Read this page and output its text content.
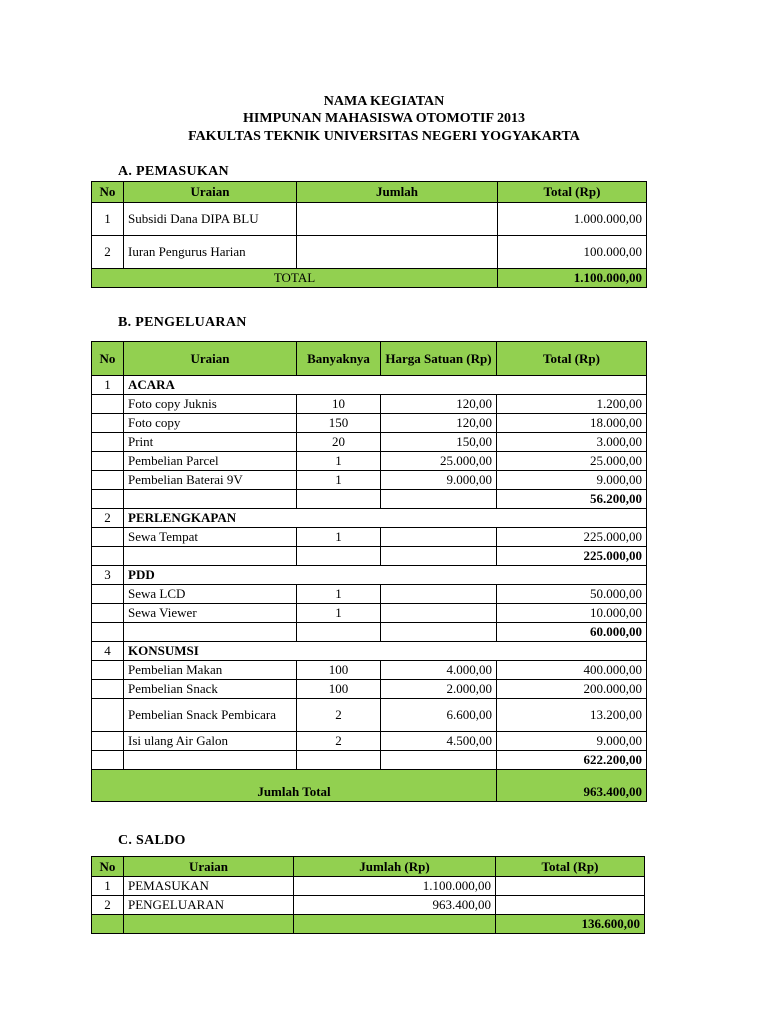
NAMA KEGIATAN
HIMPUNAN MAHASISWA OTOMOTIF 2013
FAKULTAS TEKNIK UNIVERSITAS NEGERI YOGYAKARTA
A. PEMASUKAN
No	Uraian	Jumlah	Total (Rp)
1	Subsidi Dana DIPA BLU		1.000.000,00
2	Iuran Pengurus Harian		100.000,00
TOTAL			1.100.000,00
B. PENGELUARAN
No	Uraian	Banyaknya	Harga Satuan (Rp)	Total (Rp)
1	ACARA			
	Foto copy Juknis	10	120,00	1.200,00
	Foto copy	150	120,00	18.000,00
	Print	20	150,00	3.000,00
	Pembelian Parcel	1	25.000,00	25.000,00
	Pembelian Baterai 9V	1	9.000,00	9.000,00
				56.200,00
2	PERLENGKAPAN			
	Sewa Tempat	1		225.000,00
				225.000,00
3	PDD			
	Sewa LCD	1		50.000,00
	Sewa Viewer	1		10.000,00
				60.000,00
4	KONSUMSI			
	Pembelian Makan	100	4.000,00	400.000,00
	Pembelian Snack	100	2.000,00	200.000,00
	Pembelian Snack Pembicara	2	6.600,00	13.200,00
	Isi ulang Air Galon	2	4.500,00	9.000,00
				622.200,00
Jumlah Total				963.400,00
C. SALDO
No	Uraian	Jumlah (Rp)	Total (Rp)
1	PEMASUKAN	1.100.000,00	
2	PENGELUARAN	963.400,00	
			136.600,00
